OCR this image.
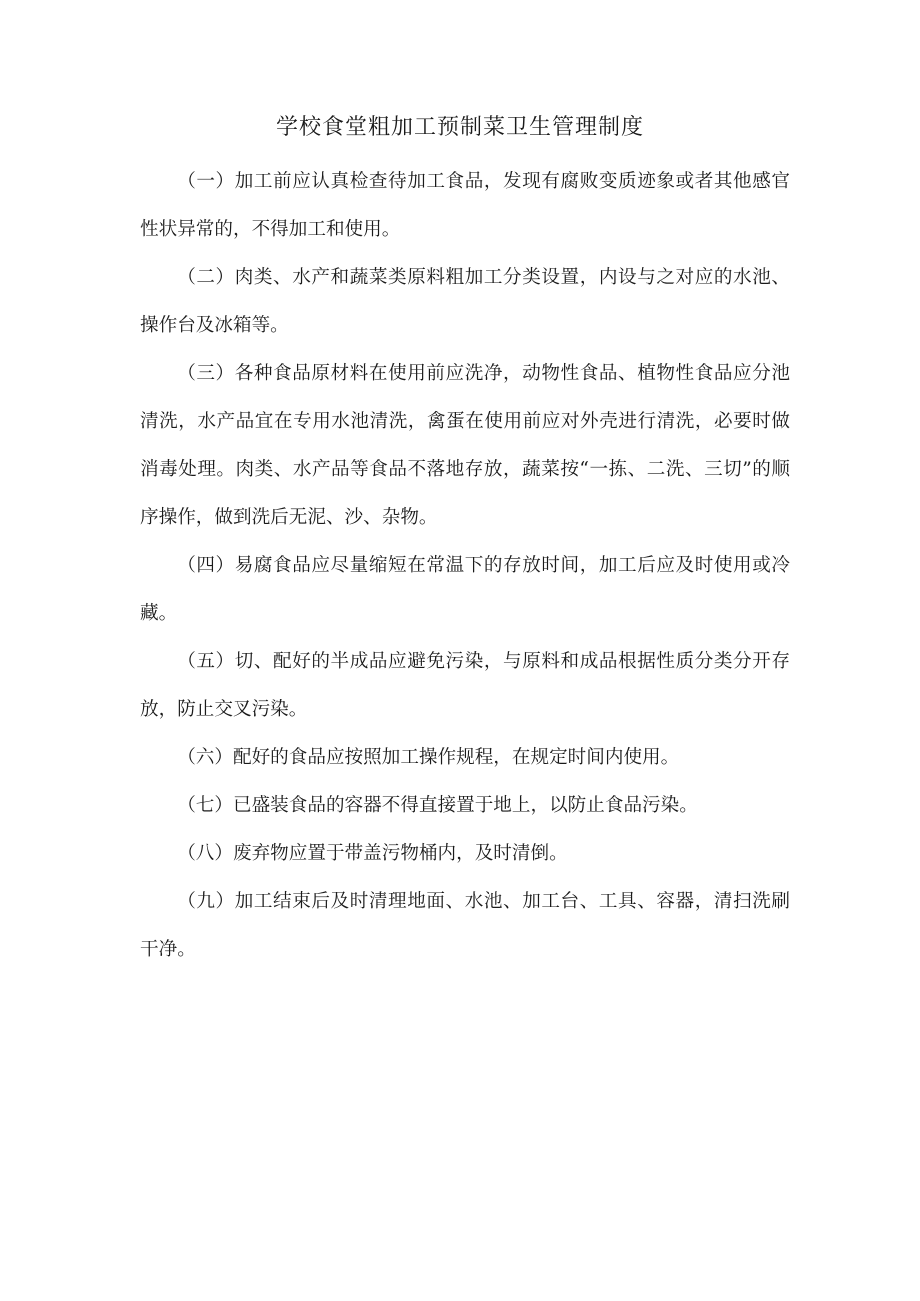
学校食堂粗加工预制菜卫生管理制度

（一）加工前应认真检查待加工食品，发现有腐败变质迹象或者其他感官性状异常的，不得加工和使用。

（二）肉类、水产和蔬菜类原料粗加工分类设置，内设与之对应的水池、操作台及冰箱等。

（三）各种食品原材料在使用前应洗净，动物性食品、植物性食品应分池清洗，水产品宜在专用水池清洗，禽蛋在使用前应对外壳进行清洗，必要时做消毒处理。肉类、水产品等食品不落地存放，蔬菜按“一拣、二洗、三切”的顺序操作，做到洗后无泥、沙、杂物。

（四）易腐食品应尽量缩短在常温下的存放时间，加工后应及时使用或冷藏。

（五）切、配好的半成品应避免污染，与原料和成品根据性质分类分开存放，防止交叉污染。

（六）配好的食品应按照加工操作规程，在规定时间内使用。

（七）已盛装食品的容器不得直接置于地上，以防止食品污染。

（八）废弃物应置于带盖污物桶内，及时清倒。

（九）加工结束后及时清理地面、水池、加工台、工具、容器，清扫洗刷干净。
